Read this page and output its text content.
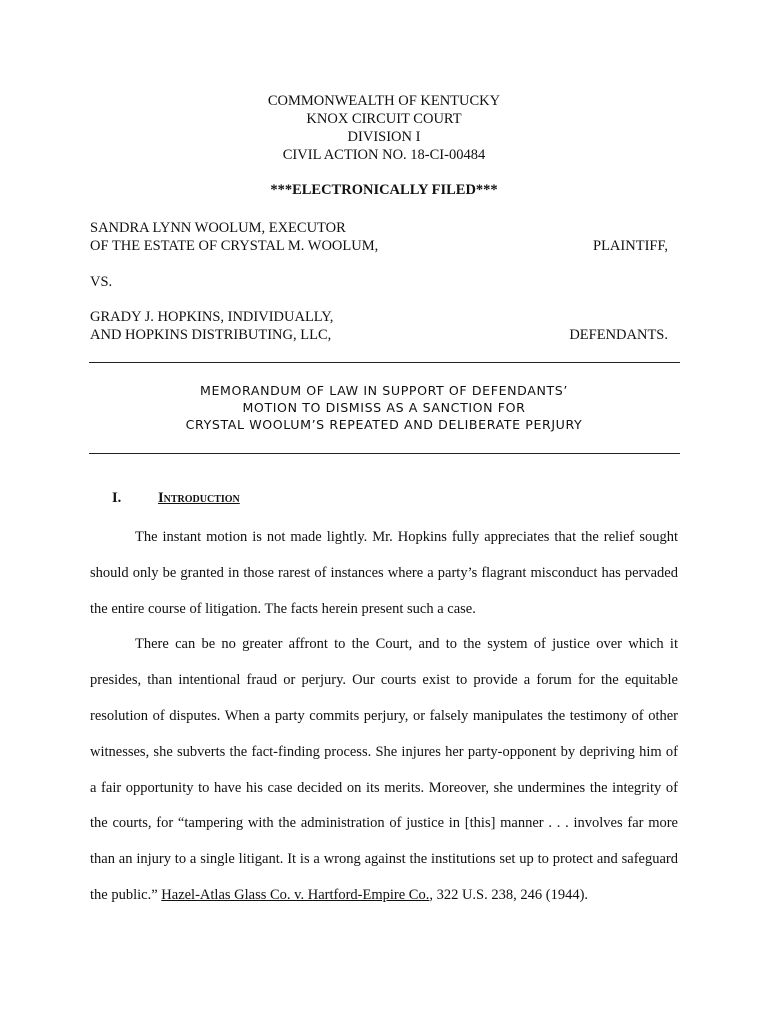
COMMONWEALTH OF KENTUCKY
KNOX CIRCUIT COURT
DIVISION I
CIVIL ACTION NO. 18-CI-00484
***ELECTRONICALLY FILED***
SANDRA LYNN WOOLUM, EXECUTOR
OF THE ESTATE OF CRYSTAL M. WOOLUM,	PLAINTIFF,
VS.
GRADY J. HOPKINS, INDIVIDUALLY,
AND HOPKINS DISTRIBUTING, LLC,	DEFENDANTS.
MEMORANDUM OF LAW IN SUPPORT OF DEFENDANTS’
MOTION TO DISMISS AS A SANCTION FOR
CRYSTAL WOOLUM’S REPEATED AND DELIBERATE PERJURY
I.	Introduction

The instant motion is not made lightly. Mr. Hopkins fully appreciates that the relief sought should only be granted in those rarest of instances where a party’s flagrant misconduct has pervaded the entire course of litigation. The facts herein present such a case.

There can be no greater affront to the Court, and to the system of justice over which it presides, than intentional fraud or perjury. Our courts exist to provide a forum for the equitable resolution of disputes. When a party commits perjury, or falsely manipulates the testimony of other witnesses, she subverts the fact-finding process. She injures her party-opponent by depriving him of a fair opportunity to have his case decided on its merits. Moreover, she undermines the integrity of the courts, for “tampering with the administration of justice in [this] manner . . . involves far more than an injury to a single litigant. It is a wrong against the institutions set up to protect and safeguard the public.” Hazel-Atlas Glass Co. v. Hartford-Empire Co., 322 U.S. 238, 246 (1944).
